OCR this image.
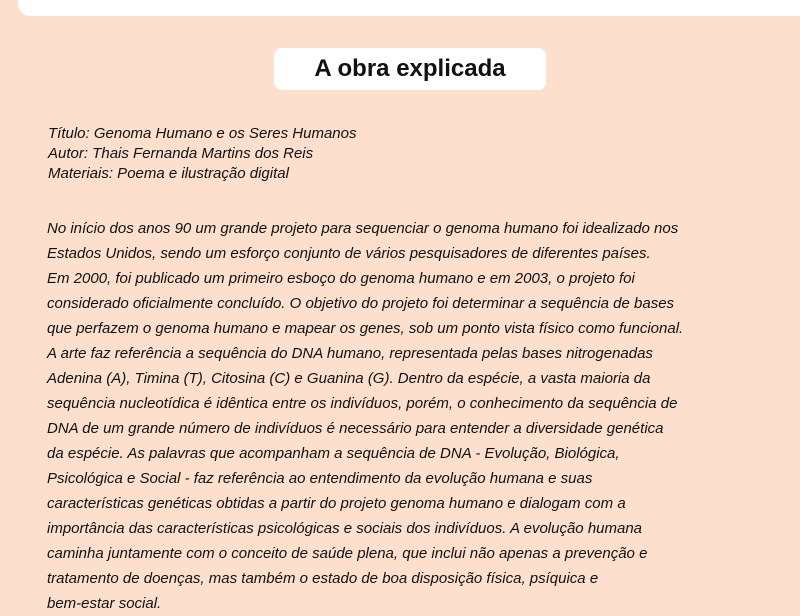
A obra explicada
Título: Genoma Humano e os Seres Humanos
Autor: Thais Fernanda Martins dos Reis
Materiais: Poema e ilustração digital
No início dos anos 90 um grande projeto para sequenciar o genoma humano foi idealizado nos
Estados Unidos, sendo um esforço conjunto de vários pesquisadores de diferentes países.
Em 2000, foi publicado um primeiro esboço do genoma humano e em 2003, o projeto foi
considerado oficialmente concluído. O objetivo do projeto foi determinar a sequência de bases
que perfazem o genoma humano e mapear os genes, sob um ponto vista físico como funcional.
A arte faz referência a sequência do DNA humano, representada pelas bases nitrogenadas
Adenina (A), Timina (T), Citosina (C) e Guanina (G). Dentro da espécie, a vasta maioria da
sequência nucleotídica é idêntica entre os indivíduos, porém, o conhecimento da sequência de
DNA de um grande número de indivíduos é necessário para entender a diversidade genética
da espécie. As palavras que acompanham a sequência de DNA - Evolução, Biológica,
Psicológica e Social - faz referência ao entendimento da evolução humana e suas
características genéticas obtidas a partir do projeto genoma humano e dialogam com a
importância das características psicológicas e sociais dos indivíduos. A evolução humana
caminha juntamente com o conceito de saúde plena, que inclui não apenas a prevenção e
tratamento de doenças, mas também o estado de boa disposição física, psíquica e
bem-estar social.
